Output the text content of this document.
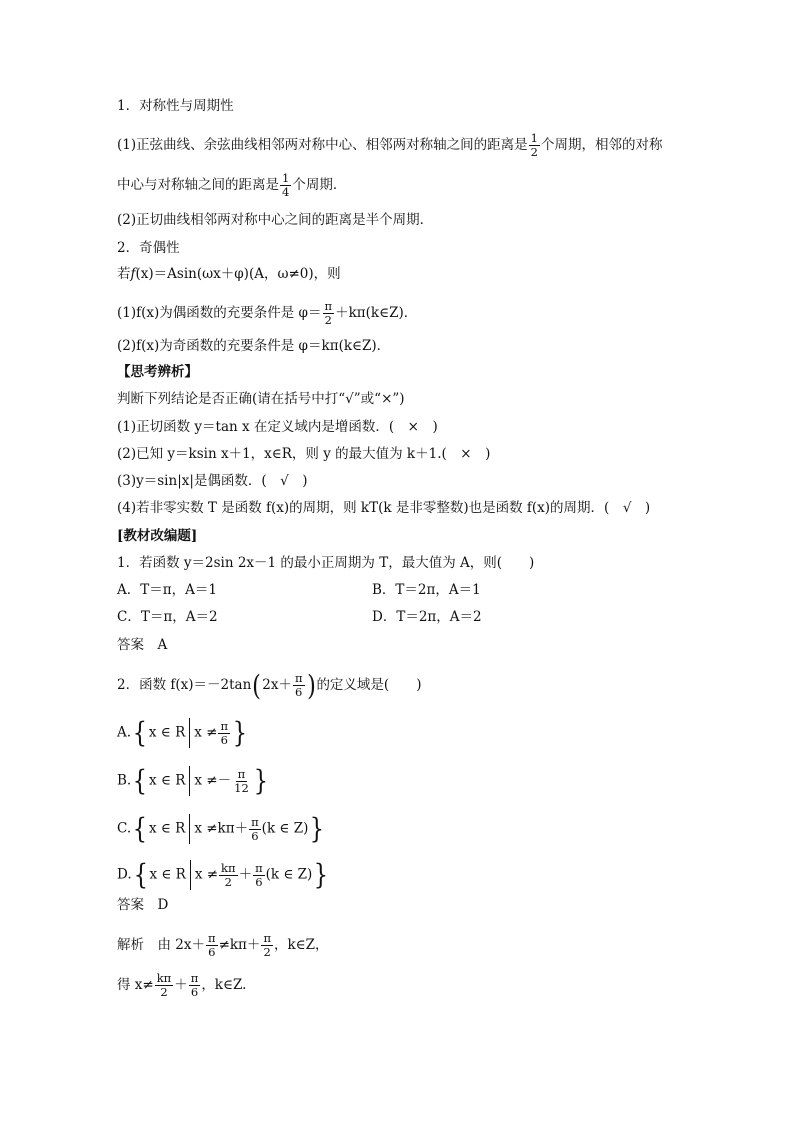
1．对称性与周期性
(1)正弦曲线、余弦曲线相邻两对称中心、相邻两对称轴之间的距离是 $\frac{1}{2}$ 个周期，相邻的对称
中心与对称轴之间的距离是 $\frac{1}{4}$ 个周期．
(2)正切曲线相邻两对称中心之间的距离是半个周期．
2．奇偶性
若f(x)＝Asin(ωx＋φ)(A，ω≠0)，则
(1)f(x)为偶函数的充要条件是 $\varphi= \frac{\pi}{2}$ ＋kπ(k∈Z)．
(2)f(x)为奇函数的充要条件是 φ＝kπ(k∈Z)．
【思考辨析】
判断下列结论是否正确(请在括号中打“√”或“×”)
(1)正切函数 y＝tan x 在定义域内是增函数．(　×　)
(2)已知 y＝ksin x＋1，x∈R，则 y 的最大值为 k＋1.(　×　)
(3)y＝sin|x|是偶函数．(　√　)
(4)若非零实数 T 是函数 f(x)的周期，则 kT(k 是非零整数)也是函数 f(x)的周期．(　√　)
[教材改编题]
1．若函数 y＝2sin 2x－1 的最小正周期为 T，最大值为 A，则(　　)
A．T＝π，A＝1	B．T＝2π，A＝1
C．T＝π，A＝2	D．T＝2π，A＝2
答案　A
2．函数 $f(x)=-2\tan(2x+ \frac{\pi}{6}$ )的定义域是(　　)
A.{ x ∈ R $x \ne \frac{\pi}{6}$ }
B.{ x ∈ R $x \ne- \frac{\pi}{12}$ }
C.{ x ∈ R $x \ne k\pi+ \frac{\pi}{6} (k$ ∈ Z)}
D.{ x ∈ R $x \ne \frac{k\pi}{2} + \frac{\pi}{6} (k$ ∈ Z)}
答案　D
解析　由 $2x+ \frac{\pi}{6} \ne k\pi+ \frac{\pi}{2}$ ，k∈Z，
得 $x\ne \frac{k\pi}{2} + \frac{\pi}{6}$ ，k∈Z.
